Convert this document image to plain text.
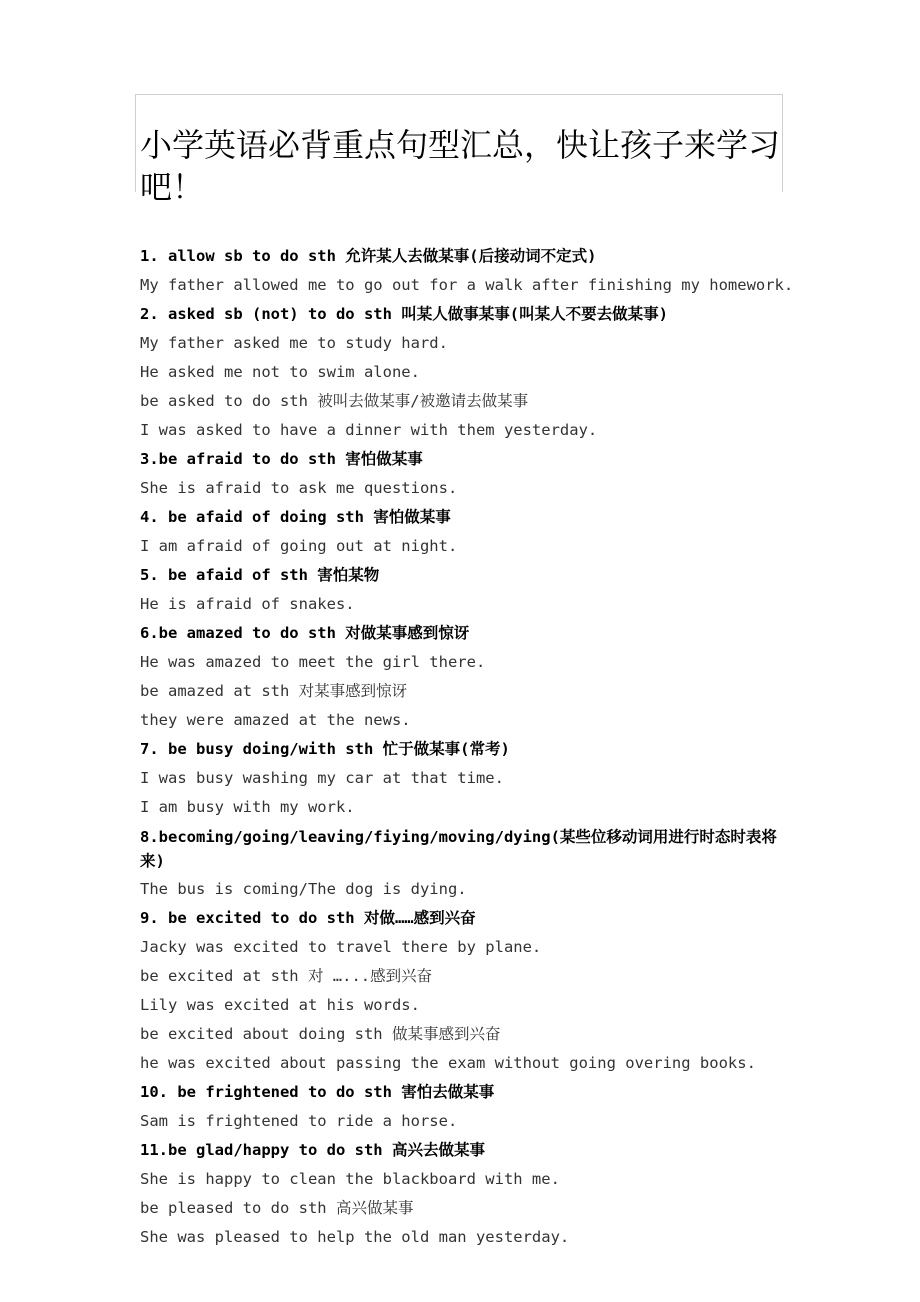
小学英语必背重点句型汇总，快让孩子来学习吧！
1. allow sb to do sth 允许某人去做某事(后接动词不定式)
My father allowed me to go out for a walk after finishing my homework.
2. asked sb (not) to do sth 叫某人做事某事(叫某人不要去做某事)
My father asked me to study hard.
He asked me not to swim alone.
be asked to do sth 被叫去做某事/被邀请去做某事
I was asked to have a dinner with them yesterday.
3.be afraid to do sth 害怕做某事
She is afraid to ask me questions.
4. be afaid of doing sth 害怕做某事
I am afraid of going out at night.
5. be afaid of sth 害怕某物
He is afraid of snakes.
6.be amazed to do sth 对做某事感到惊讶
He was amazed to meet the girl there.
be amazed at sth 对某事感到惊讶
they were amazed at the news.
7. be busy doing/with sth 忙于做某事(常考)
I was busy washing my car at that time.
I am busy with my work.
8.becoming/going/leaving/fiying/moving/dying(某些位移动词用进行时态时表将来)
The bus is coming/The dog is dying.
9. be excited to do sth 对做……感到兴奋
Jacky was excited to travel there by plane.
be excited at sth 对 …...感到兴奋
Lily was excited at his words.
be excited about doing sth 做某事感到兴奋
he was excited about passing the exam without going overing books.
10. be frightened to do sth 害怕去做某事
Sam is frightened to ride a horse.
11.be glad/happy to do sth 高兴去做某事
She is happy to clean the blackboard with me.
be pleased to do sth 高兴做某事
She was pleased to help the old man yesterday.
